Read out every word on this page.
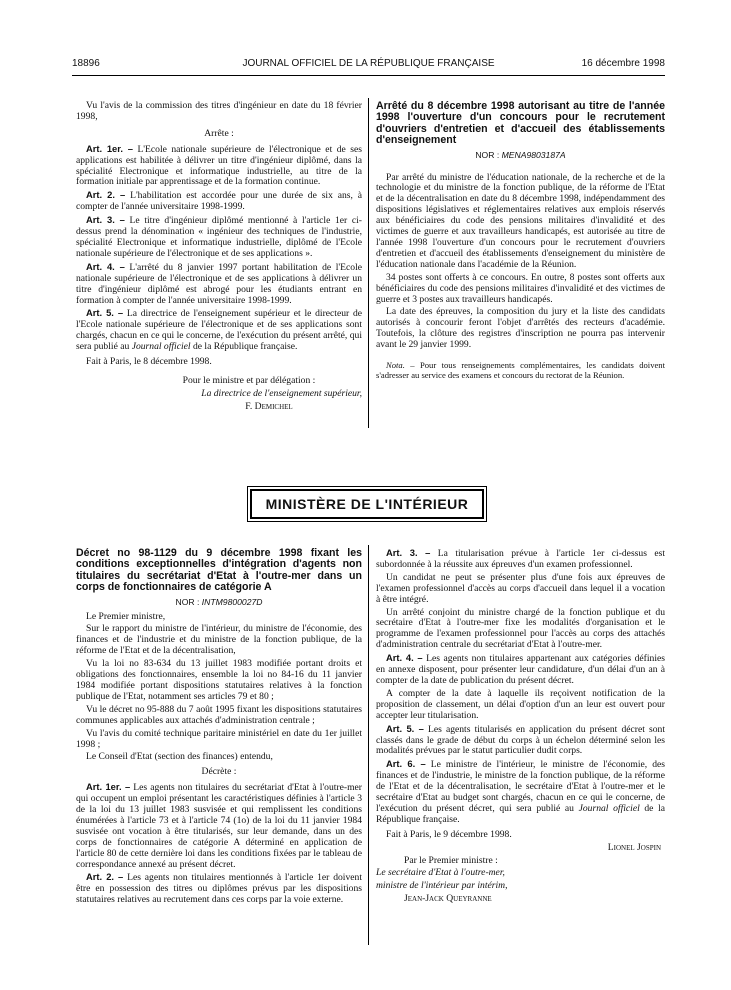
18896	JOURNAL OFFICIEL DE LA RÉPUBLIQUE FRANÇAISE	16 décembre 1998

Vu l'avis de la commission des titres d'ingénieur en date du 18 février 1998,

Arrête :

Art. 1er. – L'Ecole nationale supérieure de l'électronique et de ses applications est habilitée à délivrer un titre d'ingénieur diplômé, dans la spécialité Electronique et informatique industrielle, au titre de la formation initiale par apprentissage et de la formation continue.

Art. 2. – L'habilitation est accordée pour une durée de six ans, à compter de l'année universitaire 1998-1999.

Art. 3. – Le titre d'ingénieur diplômé mentionné à l'article 1er ci-dessus prend la dénomination « ingénieur des techniques de l'industrie, spécialité Electronique et informatique industrielle, diplômé de l'Ecole nationale supérieure de l'électronique et de ses applications ».

Art. 4. – L'arrêté du 8 janvier 1997 portant habilitation de l'Ecole nationale supérieure de l'électronique et de ses applications à délivrer un titre d'ingénieur diplômé est abrogé pour les étudiants entrant en formation à compter de l'année universitaire 1998-1999.

Art. 5. – La directrice de l'enseignement supérieur et le directeur de l'Ecole nationale supérieure de l'électronique et de ses applications sont chargés, chacun en ce qui le concerne, de l'exécution du présent arrêté, qui sera publié au Journal officiel de la République française.

Fait à Paris, le 8 décembre 1998.

Pour le ministre et par délégation :

La directrice de l'enseignement supérieur,

F. Demichel

Arrêté du 8 décembre 1998 autorisant au titre de l'année 1998 l'ouverture d'un concours pour le recrutement d'ouvriers d'entretien et d'accueil des établissements d'enseignement
NOR : MENA9803187A

Par arrêté du ministre de l'éducation nationale, de la recherche et de la technologie et du ministre de la fonction publique, de la réforme de l'Etat et de la décentralisation en date du 8 décembre 1998, indépendamment des dispositions législatives et réglementaires relatives aux emplois réservés aux bénéficiaires du code des pensions militaires d'invalidité et des victimes de guerre et aux travailleurs handicapés, est autorisée au titre de l'année 1998 l'ouverture d'un concours pour le recrutement d'ouvriers d'entretien et d'accueil des établissements d'enseignement du ministère de l'éducation nationale dans l'académie de la Réunion.

34 postes sont offerts à ce concours. En outre, 8 postes sont offerts aux bénéficiaires du code des pensions militaires d'invalidité et des victimes de guerre et 3 postes aux travailleurs handicapés.

La date des épreuves, la composition du jury et la liste des candidats autorisés à concourir feront l'objet d'arrêtés des recteurs d'académie. Toutefois, la clôture des registres d'inscription ne pourra pas intervenir avant le 29 janvier 1999.

Nota. – Pour tous renseignements complémentaires, les candidats doivent s'adresser au service des examens et concours du rectorat de la Réunion.

MINISTÈRE DE L'INTÉRIEUR
Décret no 98-1129 du 9 décembre 1998 fixant les conditions exceptionnelles d'intégration d'agents non titulaires du secrétariat d'Etat à l'outre-mer dans un corps de fonctionnaires de catégorie A
NOR : INTM9800027D

Le Premier ministre,

Sur le rapport du ministre de l'intérieur, du ministre de l'économie, des finances et de l'industrie et du ministre de la fonction publique, de la réforme de l'Etat et de la décentralisation,

Vu la loi no 83-634 du 13 juillet 1983 modifiée portant droits et obligations des fonctionnaires, ensemble la loi no 84-16 du 11 janvier 1984 modifiée portant dispositions statutaires relatives à la fonction publique de l'Etat, notamment ses articles 79 et 80 ;

Vu le décret no 95-888 du 7 août 1995 fixant les dispositions statutaires communes applicables aux attachés d'administration centrale ;

Vu l'avis du comité technique paritaire ministériel en date du 1er juillet 1998 ;

Le Conseil d'Etat (section des finances) entendu,

Décrète :

Art. 1er. – Les agents non titulaires du secrétariat d'Etat à l'outre-mer qui occupent un emploi présentant les caractéristiques définies à l'article 3 de la loi du 13 juillet 1983 susvisée et qui remplissent les conditions énumérées à l'article 73 et à l'article 74 (1o) de la loi du 11 janvier 1984 susvisée ont vocation à être titularisés, sur leur demande, dans un des corps de fonctionnaires de catégorie A déterminé en application de l'article 80 de cette dernière loi dans les conditions fixées par le tableau de correspondance annexé au présent décret.

Art. 2. – Les agents non titulaires mentionnés à l'article 1er doivent être en possession des titres ou diplômes prévus par les dispositions statutaires relatives au recrutement dans ces corps par la voie externe.

Art. 3. – La titularisation prévue à l'article 1er ci-dessus est subordonnée à la réussite aux épreuves d'un examen professionnel.

Un candidat ne peut se présenter plus d'une fois aux épreuves de l'examen professionnel d'accès au corps d'accueil dans lequel il a vocation à être intégré.

Un arrêté conjoint du ministre chargé de la fonction publique et du secrétaire d'Etat à l'outre-mer fixe les modalités d'organisation et le programme de l'examen professionnel pour l'accès au corps des attachés d'administration centrale du secrétariat d'Etat à l'outre-mer.

Art. 4. – Les agents non titulaires appartenant aux catégories définies en annexe disposent, pour présenter leur candidature, d'un délai d'un an à compter de la date de publication du présent décret.

A compter de la date à laquelle ils reçoivent notification de la proposition de classement, un délai d'option d'un an leur est ouvert pour accepter leur titularisation.

Art. 5. – Les agents titularisés en application du présent décret sont classés dans le grade de début du corps à un échelon déterminé selon les modalités prévues par le statut particulier dudit corps.

Art. 6. – Le ministre de l'intérieur, le ministre de l'économie, des finances et de l'industrie, le ministre de la fonction publique, de la réforme de l'Etat et de la décentralisation, le secrétaire d'Etat à l'outre-mer et le secrétaire d'Etat au budget sont chargés, chacun en ce qui le concerne, de l'exécution du présent décret, qui sera publié au Journal officiel de la République française.

Fait à Paris, le 9 décembre 1998.

Lionel Jospin

Par le Premier ministre :

Le secrétaire d'Etat à l'outre-mer,

ministre de l'intérieur par intérim,

Jean-Jack Queyranne
